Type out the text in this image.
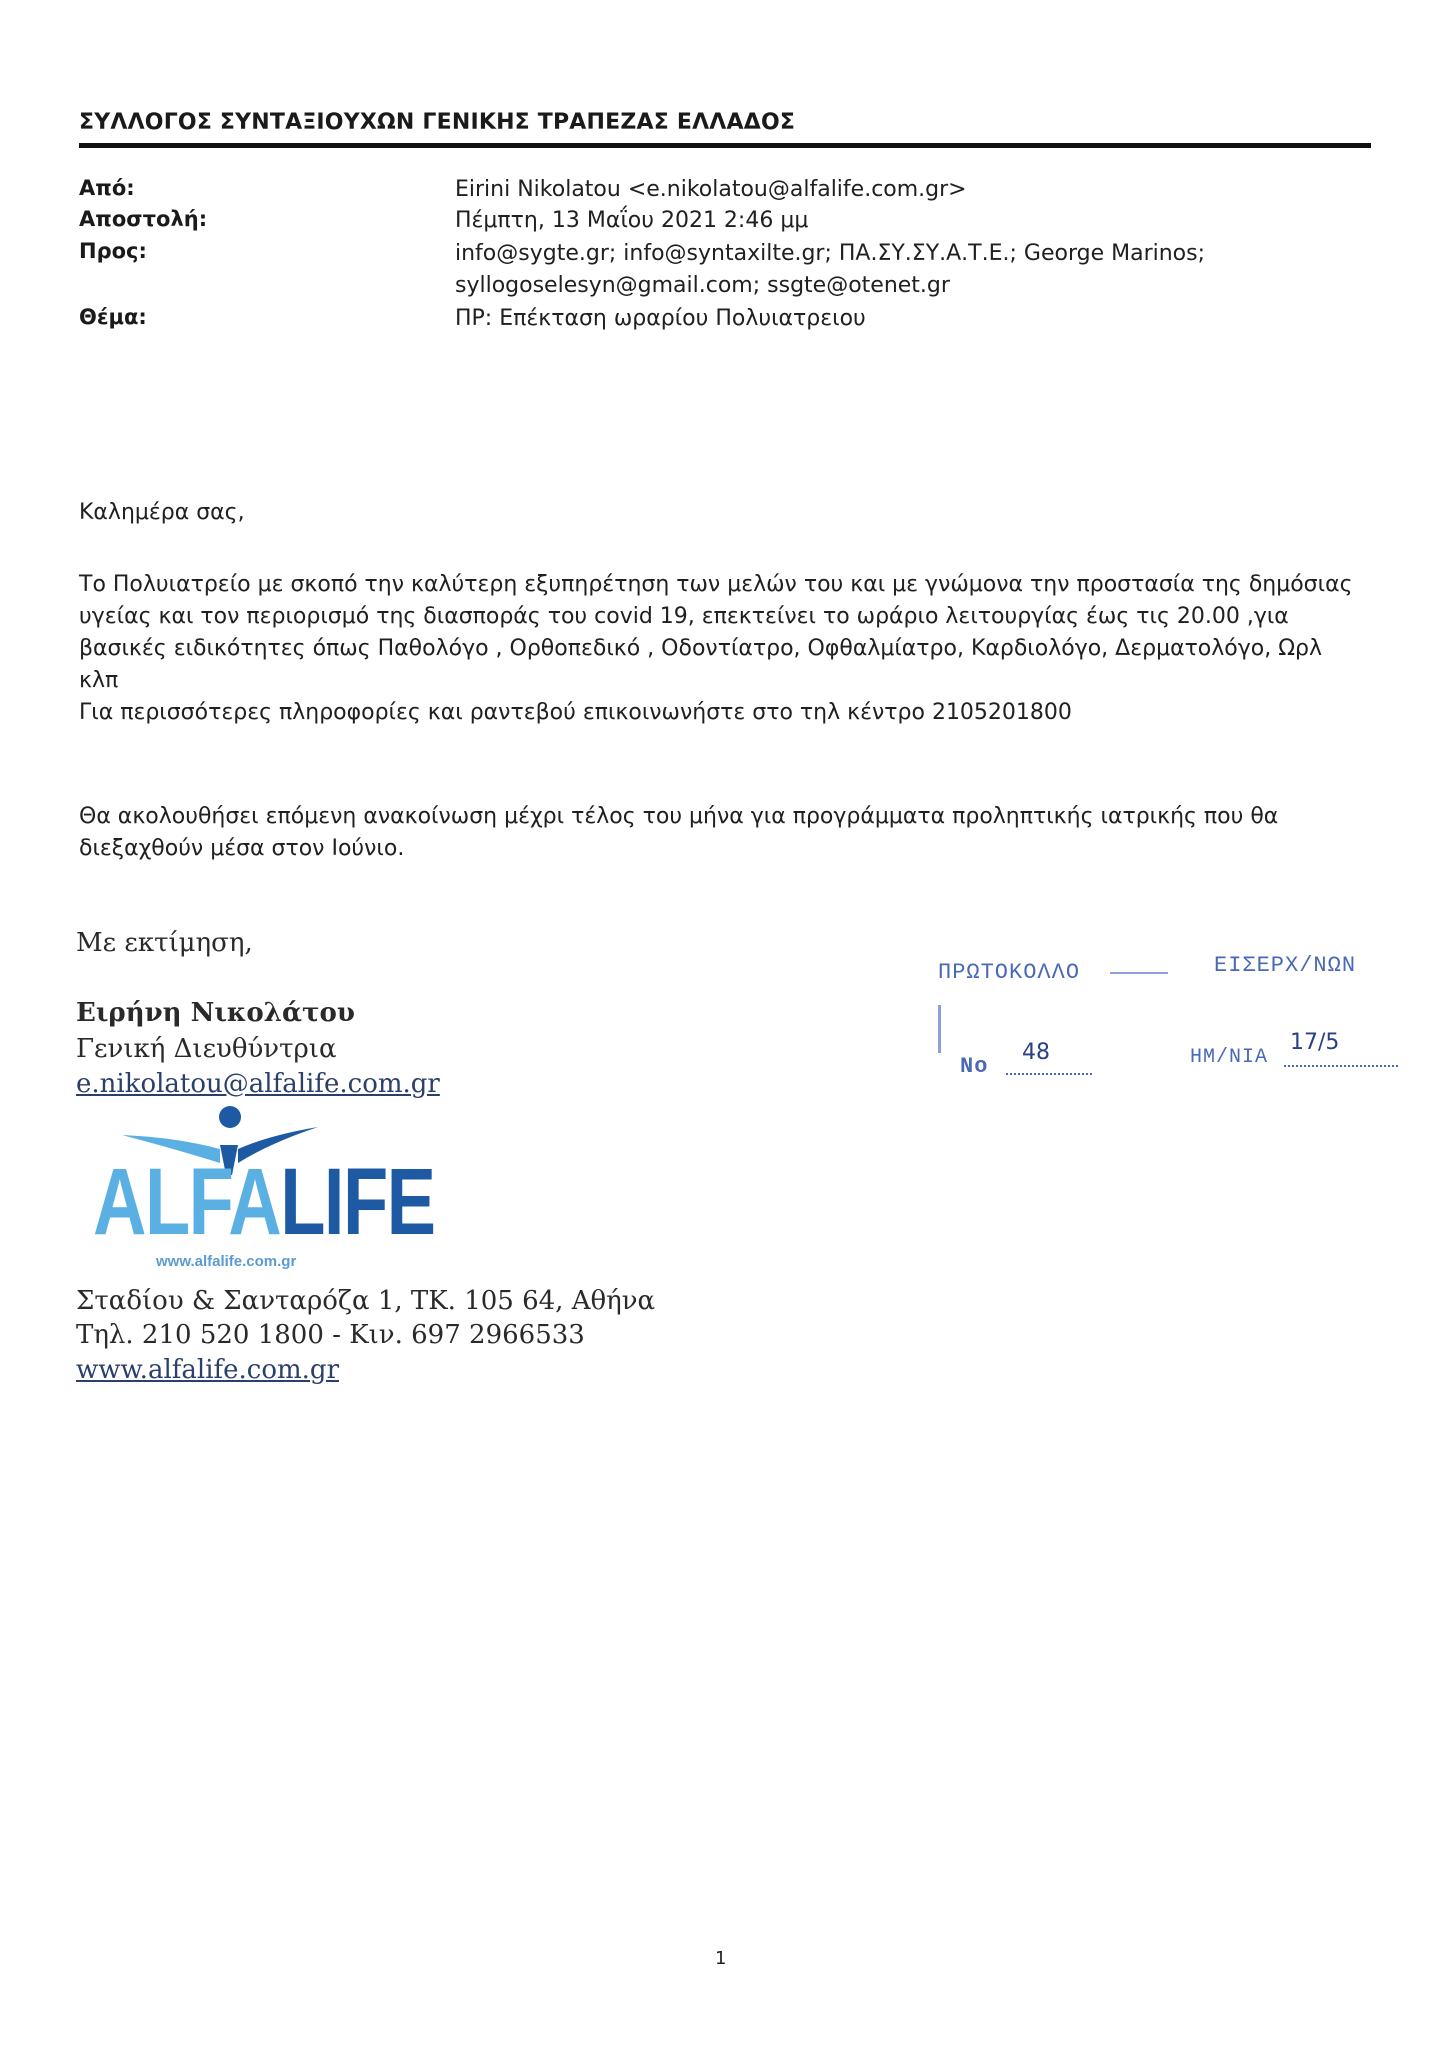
ΣΥΛΛΟΓΟΣ ΣΥΝΤΑΞΙΟΥΧΩΝ ΓΕΝΙΚΗΣ ΤΡΑΠΕΖΑΣ ΕΛΛΑΔΟΣ
Από:	Eirini Nikolatou <e.nikolatou@alfalife.com.gr>
Αποστολή:	Πέμπτη, 13 Μαΐου 2021 2:46 μμ
Προς:	info@sygte.gr; info@syntaxilte.gr; ΠΑ.ΣΥ.ΣΥ.Α.Τ.Ε.; George Marinos;
syllogoselesyn@gmail.com; ssgte@otenet.gr
Θέμα:	ΠΡ: Επέκταση ωραρίου Πολυιατρειου
Καλημέρα σας,
Το Πολυιατρείο με σκοπό την καλύτερη εξυπηρέτηση των μελών του και με γνώμονα την προστασία της δημόσιας
υγείας και τον περιορισμό της διασποράς του covid 19, επεκτείνει το ωράριο λειτουργίας έως τις 20.00 ,για
βασικές ειδικότητες όπως Παθολόγο , Ορθοπεδικό , Οδοντίατρο, Οφθαλμίατρο, Καρδιολόγο, Δερματολόγο, Ωρλ
κλπ
Για περισσότερες πληροφορίες και ραντεβού επικοινωνήστε στο τηλ κέντρο 2105201800
Θα ακολουθήσει επόμενη ανακοίνωση μέχρι τέλος του μήνα για προγράμματα προληπτικής ιατρικής που θα
διεξαχθούν μέσα στον Ιούνιο.
Με εκτίμηση,
Ειρήνη Νικολάτου
Γενική Διευθύντρια
e.nikolatou@alfalife.com.gr
ALFALIFE
www.alfalife.com.gr
Σταδίου & Σανταρόζα 1, ΤΚ. 105 64, Αθήνα
Τηλ. 210 520 1800 - Κιν. 697 2966533
www.alfalife.com.gr
ΠΡΩΤΟΚΟΛΛΟ	ΕΙΣΕΡΧ/ΝΩΝ
No
48	ΗΜ/ΝΙΑ
17/5
1
